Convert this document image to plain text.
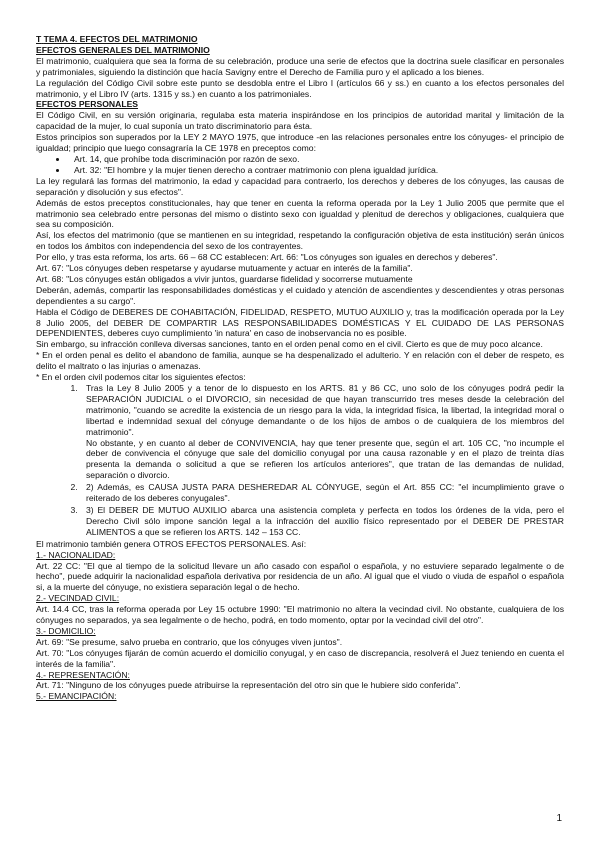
T TEMA 4. EFECTOS DEL MATRIMONIO

EFECTOS GENERALES DEL MATRIMONIO

El matrimonio, cualquiera que sea la forma de su celebración, produce una serie de efectos que la doctrina suele clasificar en personales y patrimoniales, siguiendo la distinción que hacía Savigny entre el Derecho de Familia puro y el aplicado a los bienes.

La regulación del Código Civil sobre este punto se desdobla entre el Libro I (artículos 66 y ss.) en cuanto a los efectos personales del matrimonio, y el Libro IV (arts. 1315 y ss.) en cuanto a los patrimoniales.

EFECTOS PERSONALES

El Código Civil, en su versión originaria, regulaba esta materia inspirándose en los principios de autoridad marital y limitación de la capacidad de la mujer, lo cual suponía un trato discriminatorio para ésta.

Estos principios son superados por la LEY 2 MAYO 1975, que introduce -en las relaciones personales entre los cónyuges- el principio de igualdad; principio que luego consagraría la CE 1978 en preceptos como:

• Art. 14, que prohíbe toda discriminación por razón de sexo.
• Art. 32: "El hombre y la mujer tienen derecho a contraer matrimonio con plena igualdad jurídica.

La ley regulará las formas del matrimonio, la edad y capacidad para contraerlo, los derechos y deberes de los cónyuges, las causas de separación y disolución y sus efectos".

Además de estos preceptos constitucionales, hay que tener en cuenta la reforma operada por la Ley 1 Julio 2005 que permite que el matrimonio sea celebrado entre personas del mismo o distinto sexo con igualdad y plenitud de derechos y obligaciones, cualquiera que sea su composición.

Así, los efectos del matrimonio (que se mantienen en su integridad, respetando la configuración objetiva de esta institución) serán únicos en todos los ámbitos con independencia del sexo de los contrayentes.

Por ello, y tras esta reforma, los arts. 66 – 68 CC establecen: Art. 66: "Los cónyuges son iguales en derechos y deberes".

Art. 67: "Los cónyuges deben respetarse y ayudarse mutuamente y actuar en interés de la familia".

Art. 68: "Los cónyuges están obligados a vivir juntos, guardarse fidelidad y socorrerse mutuamente

Deberán, además, compartir las responsabilidades domésticas y el cuidado y atención de ascendientes y descendientes y otras personas dependientes a su cargo".

Habla el Código de DEBERES DE COHABITACIÓN, FIDELIDAD, RESPETO, MUTUO AUXILIO y, tras la modificación operada por la Ley 8 Julio 2005, del DEBER DE COMPARTIR LAS RESPONSABILIDADES DOMÉSTICAS Y EL CUIDADO DE LAS PERSONAS DEPENDIENTES, deberes cuyo cumplimiento 'in natura' en caso de inobservancia no es posible.

Sin embargo, su infracción conlleva diversas sanciones, tanto en el orden penal como en el civil. Cierto es que de muy poco alcance.

* En el orden penal es delito el abandono de familia, aunque se ha despenalizado el adulterio. Y en relación con el deber de respeto, es delito el maltrato o las injurias o amenazas.

* En el orden civil podemos citar los siguientes efectos:

1. Tras la Ley 8 Julio 2005 y a tenor de lo dispuesto en los ARTS. 81 y 86 CC, uno solo de los cónyuges podrá pedir la SEPARACIÓN JUDICIAL o el DIVORCIO, sin necesidad de que hayan transcurrido tres meses desde la celebración del matrimonio, "cuando se acredite la existencia de un riesgo para la vida, la integridad física, la libertad, la integridad moral o libertad e indemnidad sexual del cónyuge demandante o de los hijos de ambos o de cualquiera de los miembros del matrimonio".

No obstante, y en cuanto al deber de CONVIVENCIA, hay que tener presente que, según el art. 105 CC, "no incumple el deber de convivencia el cónyuge que sale del domicilio conyugal por una causa razonable y en el plazo de treinta días presenta la demanda o solicitud a que se refieren los artículos anteriores", que tratan de las demandas de nulidad, separación o divorcio.

2. 2) Además, es CAUSA JUSTA PARA DESHEREDAR AL CÓNYUGE, según el Art. 855 CC: "el incumplimiento grave o reiterado de los deberes conyugales".
3. 3) El DEBER DE MUTUO AUXILIO abarca una asistencia completa y perfecta en todos los órdenes de la vida, pero el Derecho Civil sólo impone sanción legal a la infracción del auxilio físico representado por el DEBER DE PRESTAR ALIMENTOS a que se refieren los ARTS. 142 – 153 CC.

El matrimonio también genera OTROS EFECTOS PERSONALES. Así:

1.- NACIONALIDAD:

Art. 22 CC: "El que al tiempo de la solicitud llevare un año casado con español o española, y no estuviere separado legalmente o de hecho", puede adquirir la nacionalidad española derivativa por residencia de un año. Al igual que el viudo o viuda de español o española si, a la muerte del cónyuge, no existiera separación legal o de hecho.

2.- VECINDAD CIVIL:

Art. 14.4 CC, tras la reforma operada por Ley 15 octubre 1990: "El matrimonio no altera la vecindad civil. No obstante, cualquiera de los cónyuges no separados, ya sea legalmente o de hecho, podrá, en todo momento, optar por la vecindad civil del otro".

3.- DOMICILIO:

Art. 69: "Se presume, salvo prueba en contrario, que los cónyuges viven juntos".

Art. 70: "Los cónyuges fijarán de común acuerdo el domicilio conyugal, y en caso de discrepancia, resolverá el Juez teniendo en cuenta el interés de la familia".

4.- REPRESENTACIÓN:

Art. 71: "Ninguno de los cónyuges puede atribuirse la representación del otro sin que le hubiere sido conferida".

5.- EMANCIPACIÓN:

1
